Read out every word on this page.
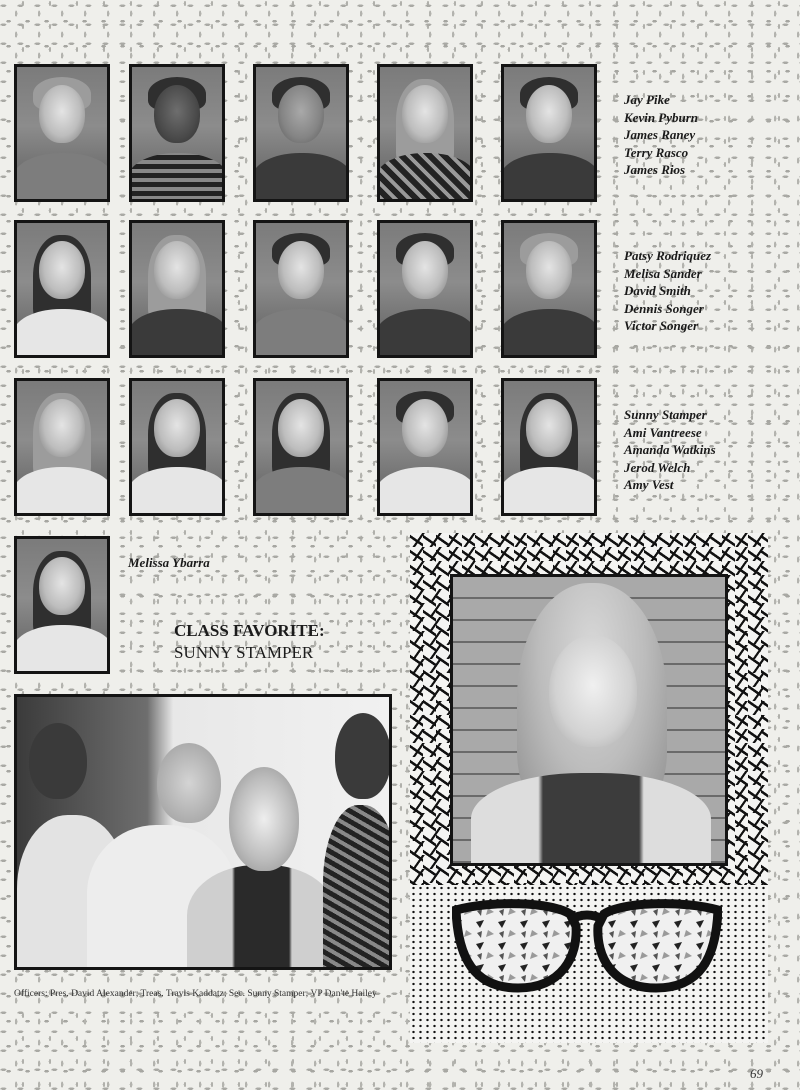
Jay Pike
Kevin Pyburn
James Raney
Terry Rasco
James Rios
Patsy Rodriquez
Melisa Sander
David Smith
Dennis Songer
Victor Songer
Sunny Stamper
Ami Vantreese
Amanda Watkins
Jerod Welch
Amy Vest
Melissa Ybarra
CLASS FAVORITE:
SUNNY STAMPER
Officers: Pres. David Alexander; Treas. Travis Kaddatz; Sec. Sunny Stamper; VP Dan'te Hailey
69
